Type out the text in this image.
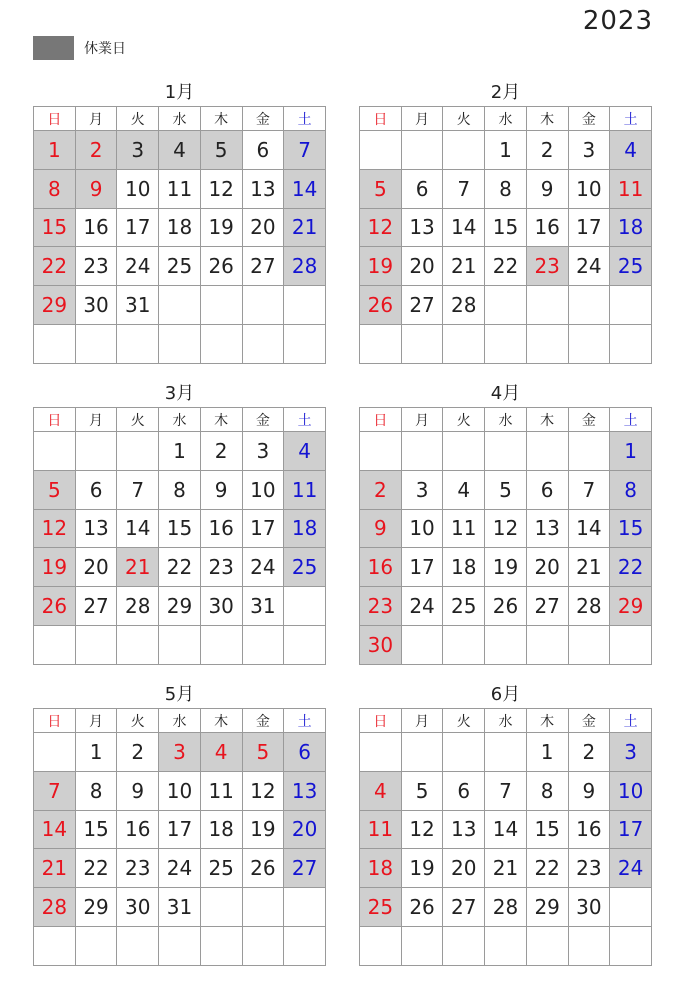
2023
休業日
1月
日	月	火	水	木	金	土
1	2	3	4	5	6	7
8	9	10	11	12	13	14
15	16	17	18	19	20	21
22	23	24	25	26	27	28
29	30	31				

2月
日	月	火	水	木	金	土
			1	2	3	4
5	6	7	8	9	10	11
12	13	14	15	16	17	18
19	20	21	22	23	24	25
26	27	28				

3月
日	月	火	水	木	金	土
			1	2	3	4
5	6	7	8	9	10	11
12	13	14	15	16	17	18
19	20	21	22	23	24	25
26	27	28	29	30	31	

4月
日	月	火	水	木	金	土
						1
2	3	4	5	6	7	8
9	10	11	12	13	14	15
16	17	18	19	20	21	22
23	24	25	26	27	28	29
30						
5月
日	月	火	水	木	金	土
	1	2	3	4	5	6
7	8	9	10	11	12	13
14	15	16	17	18	19	20
21	22	23	24	25	26	27
28	29	30	31			

6月
日	月	火	水	木	金	土
				1	2	3
4	5	6	7	8	9	10
11	12	13	14	15	16	17
18	19	20	21	22	23	24
25	26	27	28	29	30	
